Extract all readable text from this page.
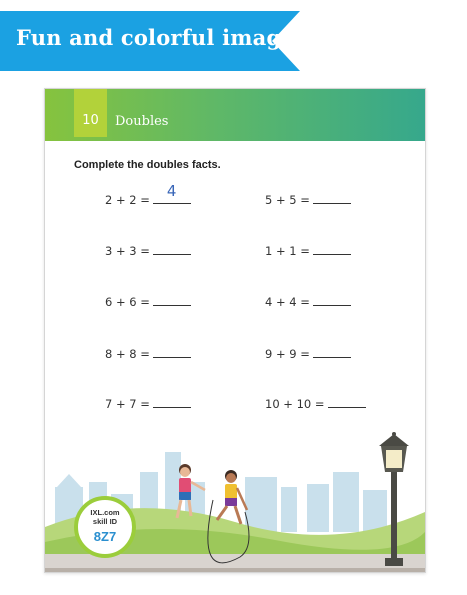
Fun and colorful images
10	Doubles
Complete the doubles facts.
2 + 2 = 4
3 + 3 =
6 + 6 =
8 + 8 =
7 + 7 =
5 + 5 =
1 + 1 =
4 + 4 =
9 + 9 =
10 + 10 =
IXL.com
skill ID
8Z7
